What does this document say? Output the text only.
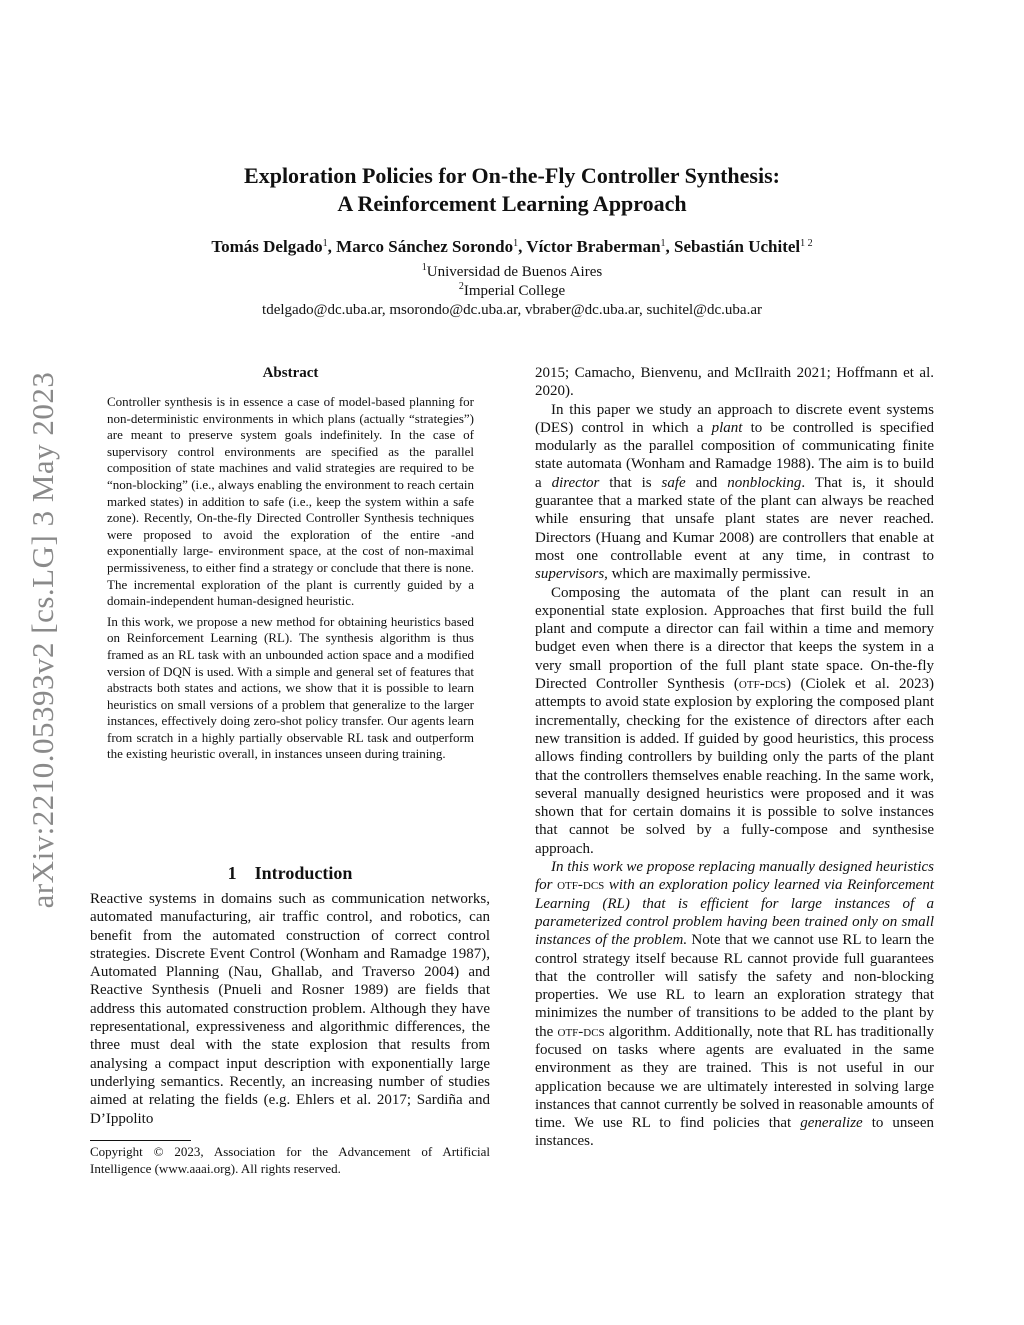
arXiv:2210.05393v2 [cs.LG] 3 May 2023
Exploration Policies for On-the-Fly Controller Synthesis:
A Reinforcement Learning Approach
Tomás Delgado$^1$, Marco Sánchez Sorondo$^1$, Víctor Braberman$^1$, Sebastián Uchitel$^{1 2}$
$^1$Universidad de Buenos Aires
$^2$Imperial College
tdelgado@dc.uba.ar, msorondo@dc.uba.ar, vbraber@dc.uba.ar, suchitel@dc.uba.ar
Abstract

Controller synthesis is in essence a case of model-based planning for non-deterministic environments in which plans (actually “strategies”) are meant to preserve system goals indefinitely. In the case of supervisory control environments are specified as the parallel composition of state machines and valid strategies are required to be “non-blocking” (i.e., always enabling the environment to reach certain marked states) in addition to safe (i.e., keep the system within a safe zone). Recently, On-the-fly Directed Controller Synthesis techniques were proposed to avoid the exploration of the entire -and exponentially large- environment space, at the cost of non-maximal permissiveness, to either find a strategy or conclude that there is none. The incremental exploration of the plant is currently guided by a domain-independent human-designed heuristic.

In this work, we propose a new method for obtaining heuristics based on Reinforcement Learning (RL). The synthesis algorithm is thus framed as an RL task with an unbounded action space and a modified version of DQN is used. With a simple and general set of features that abstracts both states and actions, we show that it is possible to learn heuristics on small versions of a problem that generalize to the larger instances, effectively doing zero-shot policy transfer. Our agents learn from scratch in a highly partially observable RL task and outperform the existing heuristic overall, in instances unseen during training.

1 Introduction

Reactive systems in domains such as communication networks, automated manufacturing, air traffic control, and robotics, can benefit from the automated construction of correct control strategies. Discrete Event Control (Wonham and Ramadge 1987), Automated Planning (Nau, Ghallab, and Traverso 2004) and Reactive Synthesis (Pnueli and Rosner 1989) are fields that address this automated construction problem. Although they have representational, expressiveness and algorithmic differences, the three must deal with the state explosion that results from analysing a compact input description with exponentially large underlying semantics. Recently, an increasing number of studies aimed at relating the fields (e.g. Ehlers et al. 2017; Sardiña and D’Ippolito

Copyright © 2023, Association for the Advancement of Artificial Intelligence (www.aaai.org). All rights reserved.

2015; Camacho, Bienvenu, and McIlraith 2021; Hoffmann et al. 2020).

In this paper we study an approach to discrete event systems (DES) control in which a plant to be controlled is specified modularly as the parallel composition of communicating finite state automata (Wonham and Ramadge 1988). The aim is to build a director that is safe and nonblocking. That is, it should guarantee that a marked state of the plant can always be reached while ensuring that unsafe plant states are never reached. Directors (Huang and Kumar 2008) are controllers that enable at most one controllable event at any time, in contrast to supervisors, which are maximally permissive.

Composing the automata of the plant can result in an exponential state explosion. Approaches that first build the full plant and compute a director can fail within a time and memory budget even when there is a director that keeps the system in a very small proportion of the full plant state space. On-the-fly Directed Controller Synthesis (otf-dcs) (Ciolek et al. 2023) attempts to avoid state explosion by exploring the composed plant incrementally, checking for the existence of directors after each new transition is added. If guided by good heuristics, this process allows finding controllers by building only the parts of the plant that the controllers themselves enable reaching. In the same work, several manually designed heuristics were proposed and it was shown that for certain domains it is possible to solve instances that cannot be solved by a fully-compose and synthesise approach.

In this work we propose replacing manually designed heuristics for otf-dcs with an exploration policy learned via Reinforcement Learning (RL) that is efficient for large instances of a parameterized control problem having been trained only on small instances of the problem. Note that we cannot use RL to learn the control strategy itself because RL cannot provide full guarantees that the controller will satisfy the safety and non-blocking properties. We use RL to learn an exploration strategy that minimizes the number of transitions to be added to the plant by the otf-dcs algorithm. Additionally, note that RL has traditionally focused on tasks where agents are evaluated in the same environment as they are trained. This is not useful in our application because we are ultimately interested in solving large instances that cannot currently be solved in reasonable amounts of time. We use RL to find policies that generalize to unseen instances.
